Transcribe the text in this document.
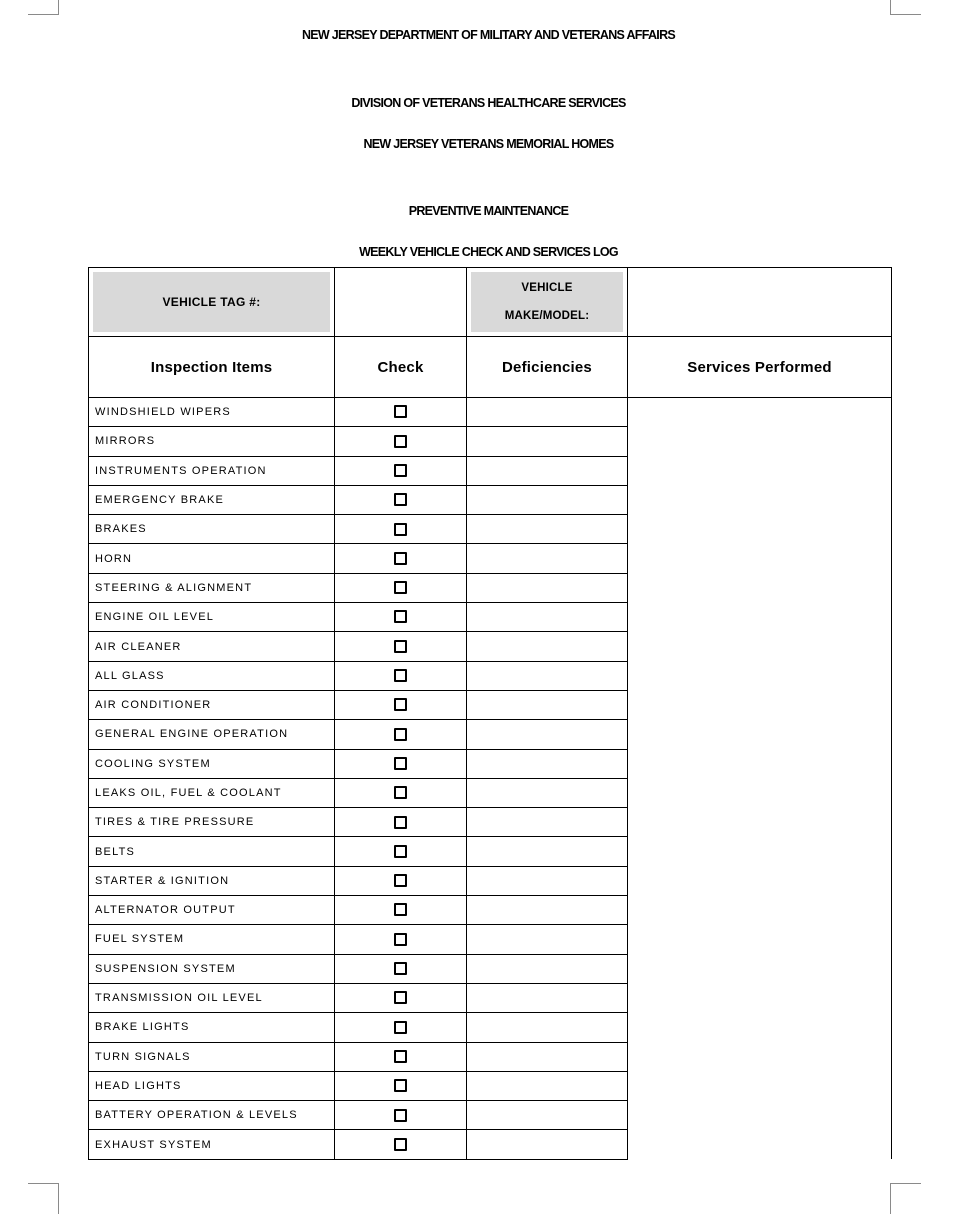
NEW JERSEY DEPARTMENT OF MILITARY AND VETERANS AFFAIRS
DIVISION OF VETERANS HEALTHCARE SERVICES
NEW JERSEY VETERANS MEMORIAL HOMES
PREVENTIVE MAINTENANCE
WEEKLY VEHICLE CHECK AND SERVICES LOG
VEHICLE TAG #:		VEHICLE
MAKE/MODEL:	

Inspection Items	Check	Deficiencies	Services Performed
WINDSHIELD WIPERS			
MIRRORS			
INSTRUMENTS OPERATION			
EMERGENCY BRAKE			
BRAKES			
HORN			
STEERING & ALIGNMENT			
ENGINE OIL LEVEL			
AIR CLEANER			
ALL GLASS			
AIR CONDITIONER			
GENERAL ENGINE OPERATION			
COOLING SYSTEM			
LEAKS OIL, FUEL & COOLANT			
TIRES & TIRE PRESSURE			
BELTS			
STARTER & IGNITION			
ALTERNATOR OUTPUT			
FUEL SYSTEM			
SUSPENSION SYSTEM			
TRANSMISSION OIL LEVEL			
BRAKE LIGHTS			
TURN SIGNALS			
HEAD LIGHTS			
BATTERY OPERATION & LEVELS			
EXHAUST SYSTEM			
